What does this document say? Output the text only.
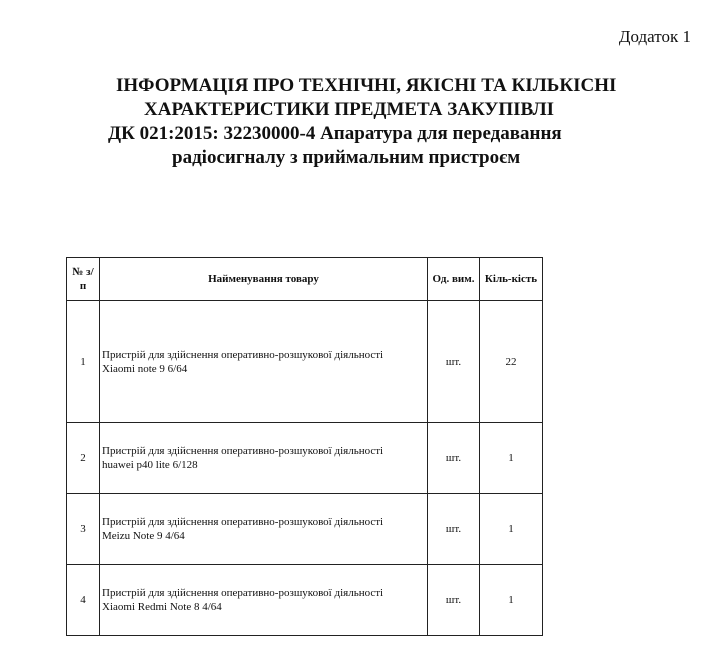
Додаток 1

ІНФОРМАЦІЯ ПРО ТЕХНІЧНІ, ЯКІСНІ ТА КІЛЬКІСНІ
ХАРАКТЕРИСТИКИ ПРЕДМЕТА ЗАКУПІВЛІ
ДК 021:2015: 32230000-4 Апаратура для передавання
радіосигналу з приймальним пристроєм
№ з/
п	Найменування товару	Од. вим.	Кіль-кість
1	Пристрій для здійснення оперативно-розшукової діяльності
Xiaomi note 9 6/64	шт.	22
2	Пристрій для здійснення оперативно-розшукової діяльності
huawei p40 lite 6/128	шт.	1
3	Пристрій для здійснення оперативно-розшукової діяльності
Meizu Note 9 4/64	шт.	1
4	Пристрій для здійснення оперативно-розшукової діяльності
Xiaomi Redmi Note 8 4/64	шт.	1
